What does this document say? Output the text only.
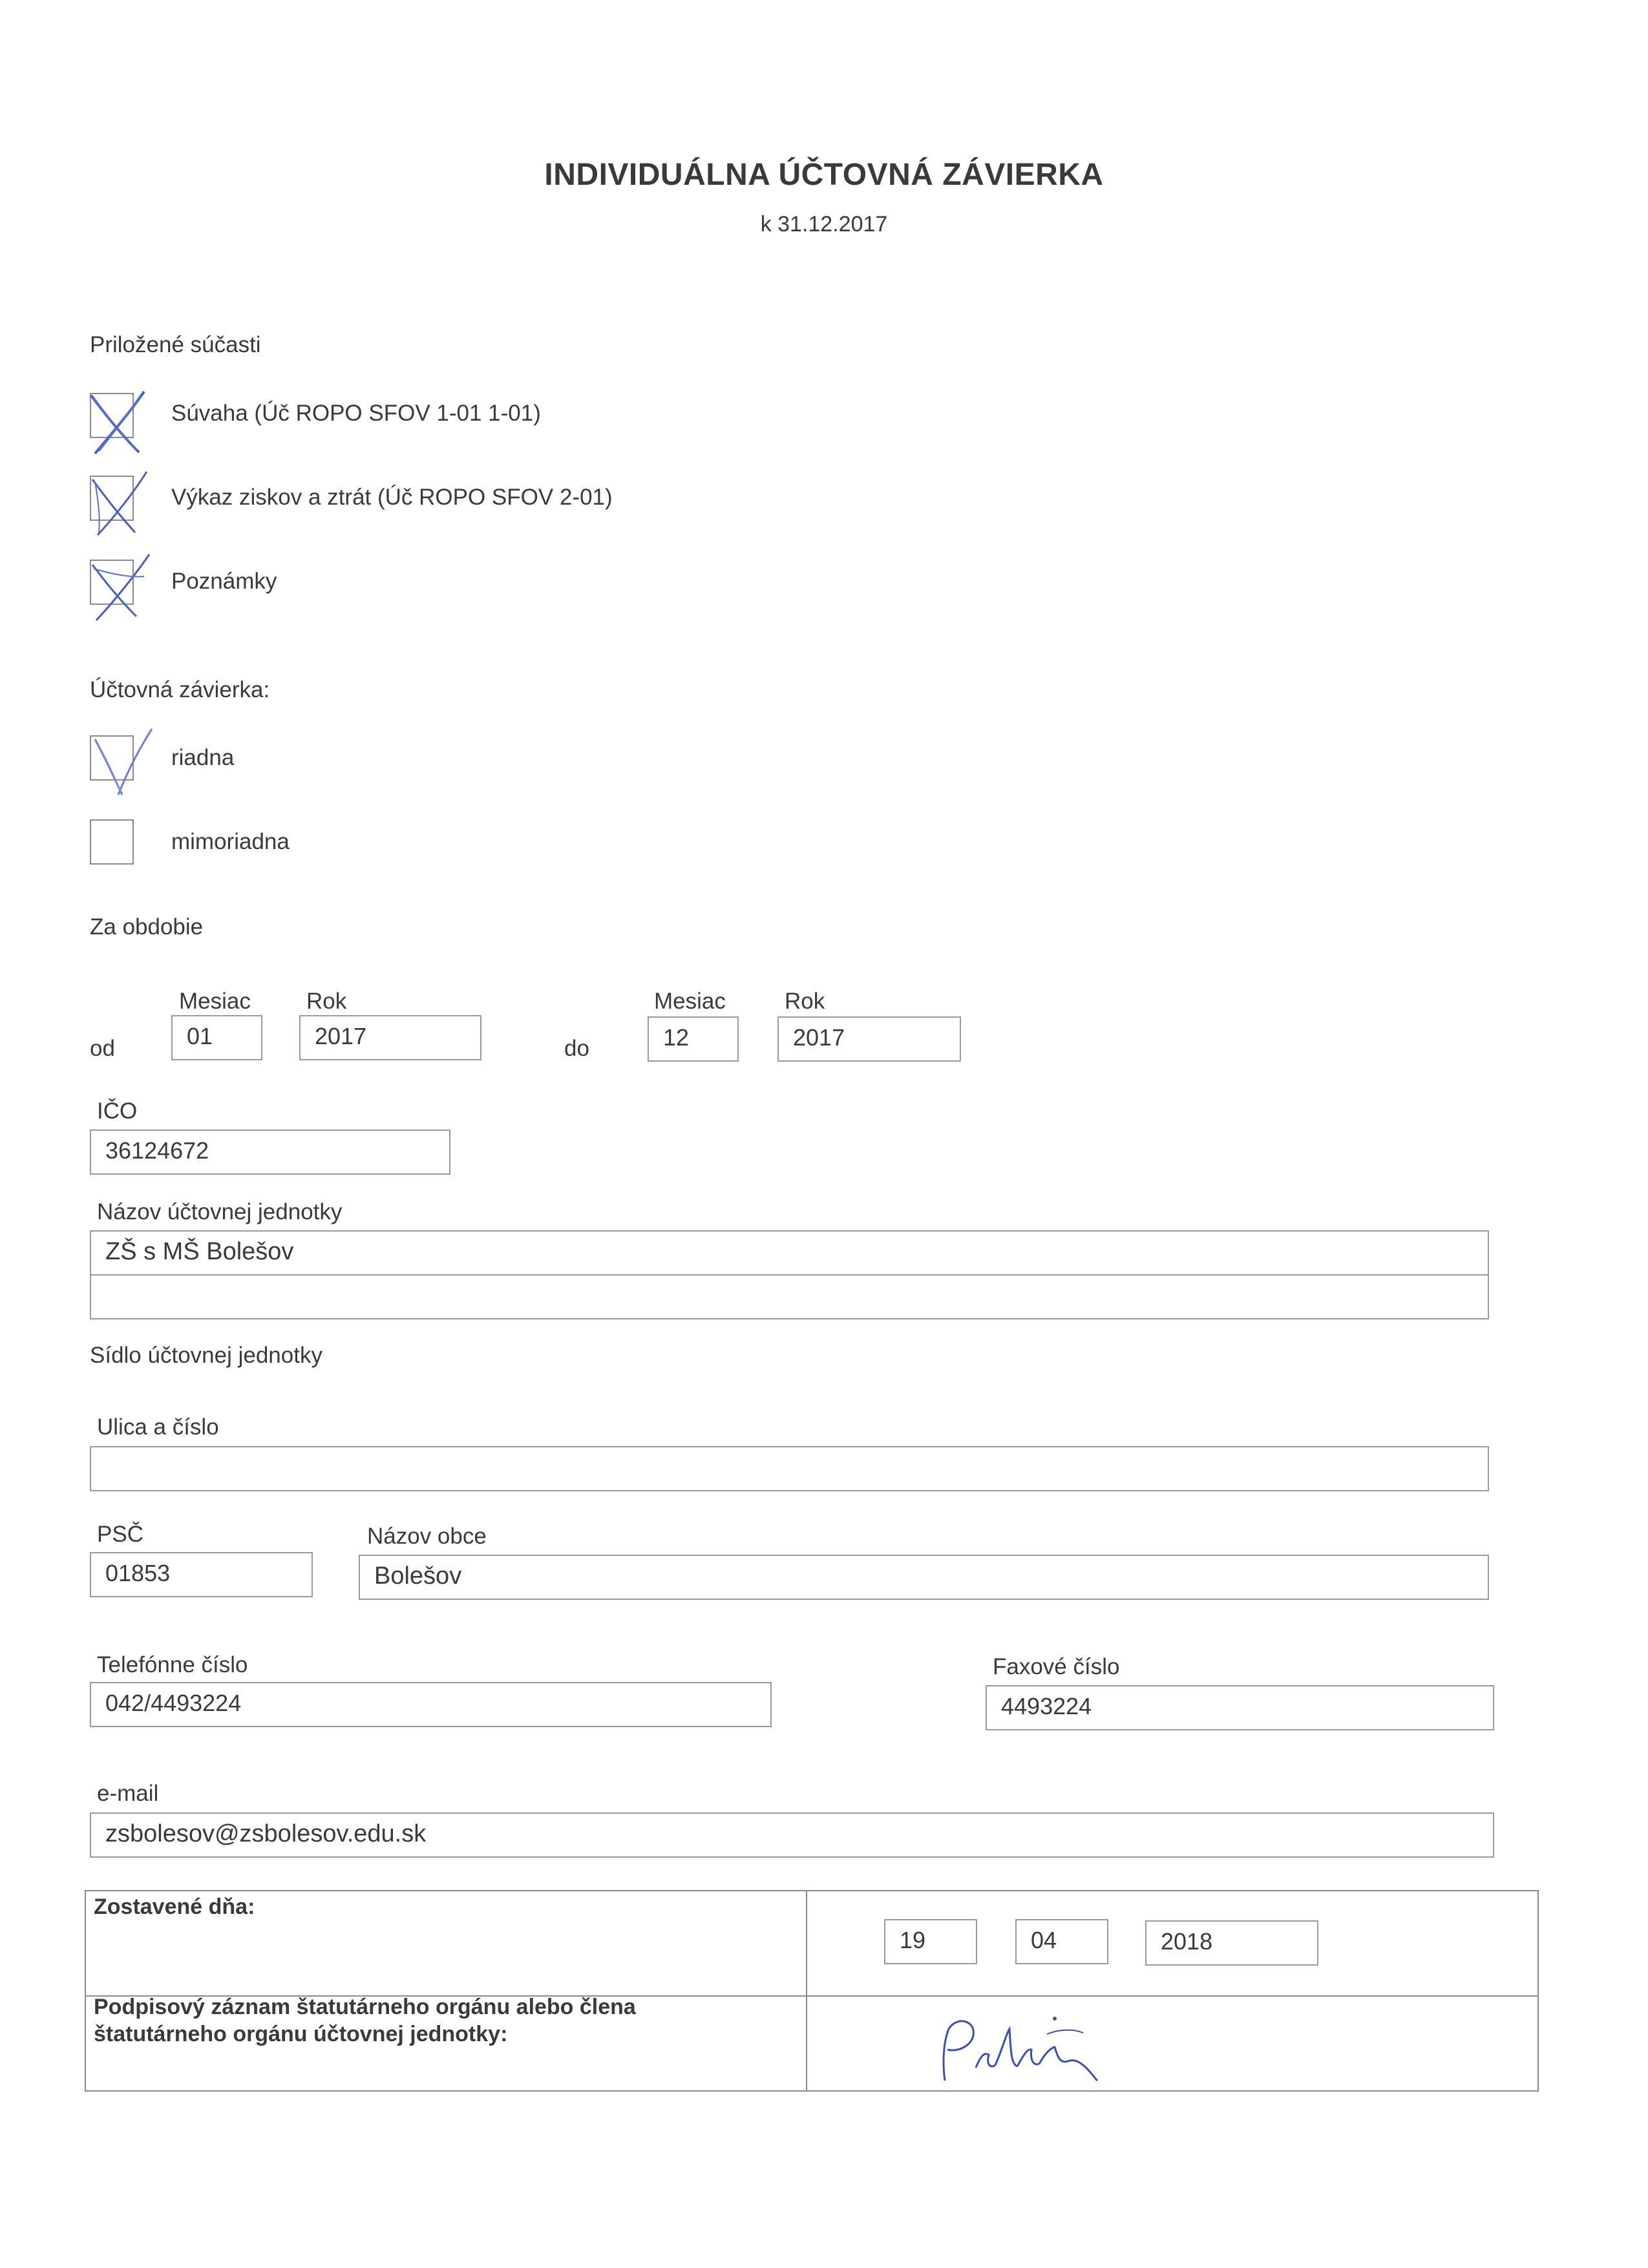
INDIVIDUÁLNA ÚČTOVNÁ ZÁVIERKA
k 31.12.2017
Priložené súčasti
Súvaha (Úč ROPO SFOV 1-01 1-01)
Výkaz ziskov a ztrát (Úč ROPO SFOV 2-01)
Poznámky
Účtovná závierka:
riadna
mimoriadna
Za obdobie
Mesiac Rok
od	01	2017
Mesiac	Rok
do	12	2017
IČO
36124672
Názov účtovnej jednotky
ZŠ s MŠ Bolešov
Sídlo účtovnej jednotky
Ulica a číslo
PSČ
01853
Názov obce
Bolešov
Telefónne číslo
042/4493224
Faxové číslo
4493224
e-mail
zsbolesov@zsbolesov.edu.sk
Zostavené dňa:
19	04	2018
Podpisový záznam štatutárneho orgánu alebo člena štatutárneho orgánu účtovnej jednotky:
